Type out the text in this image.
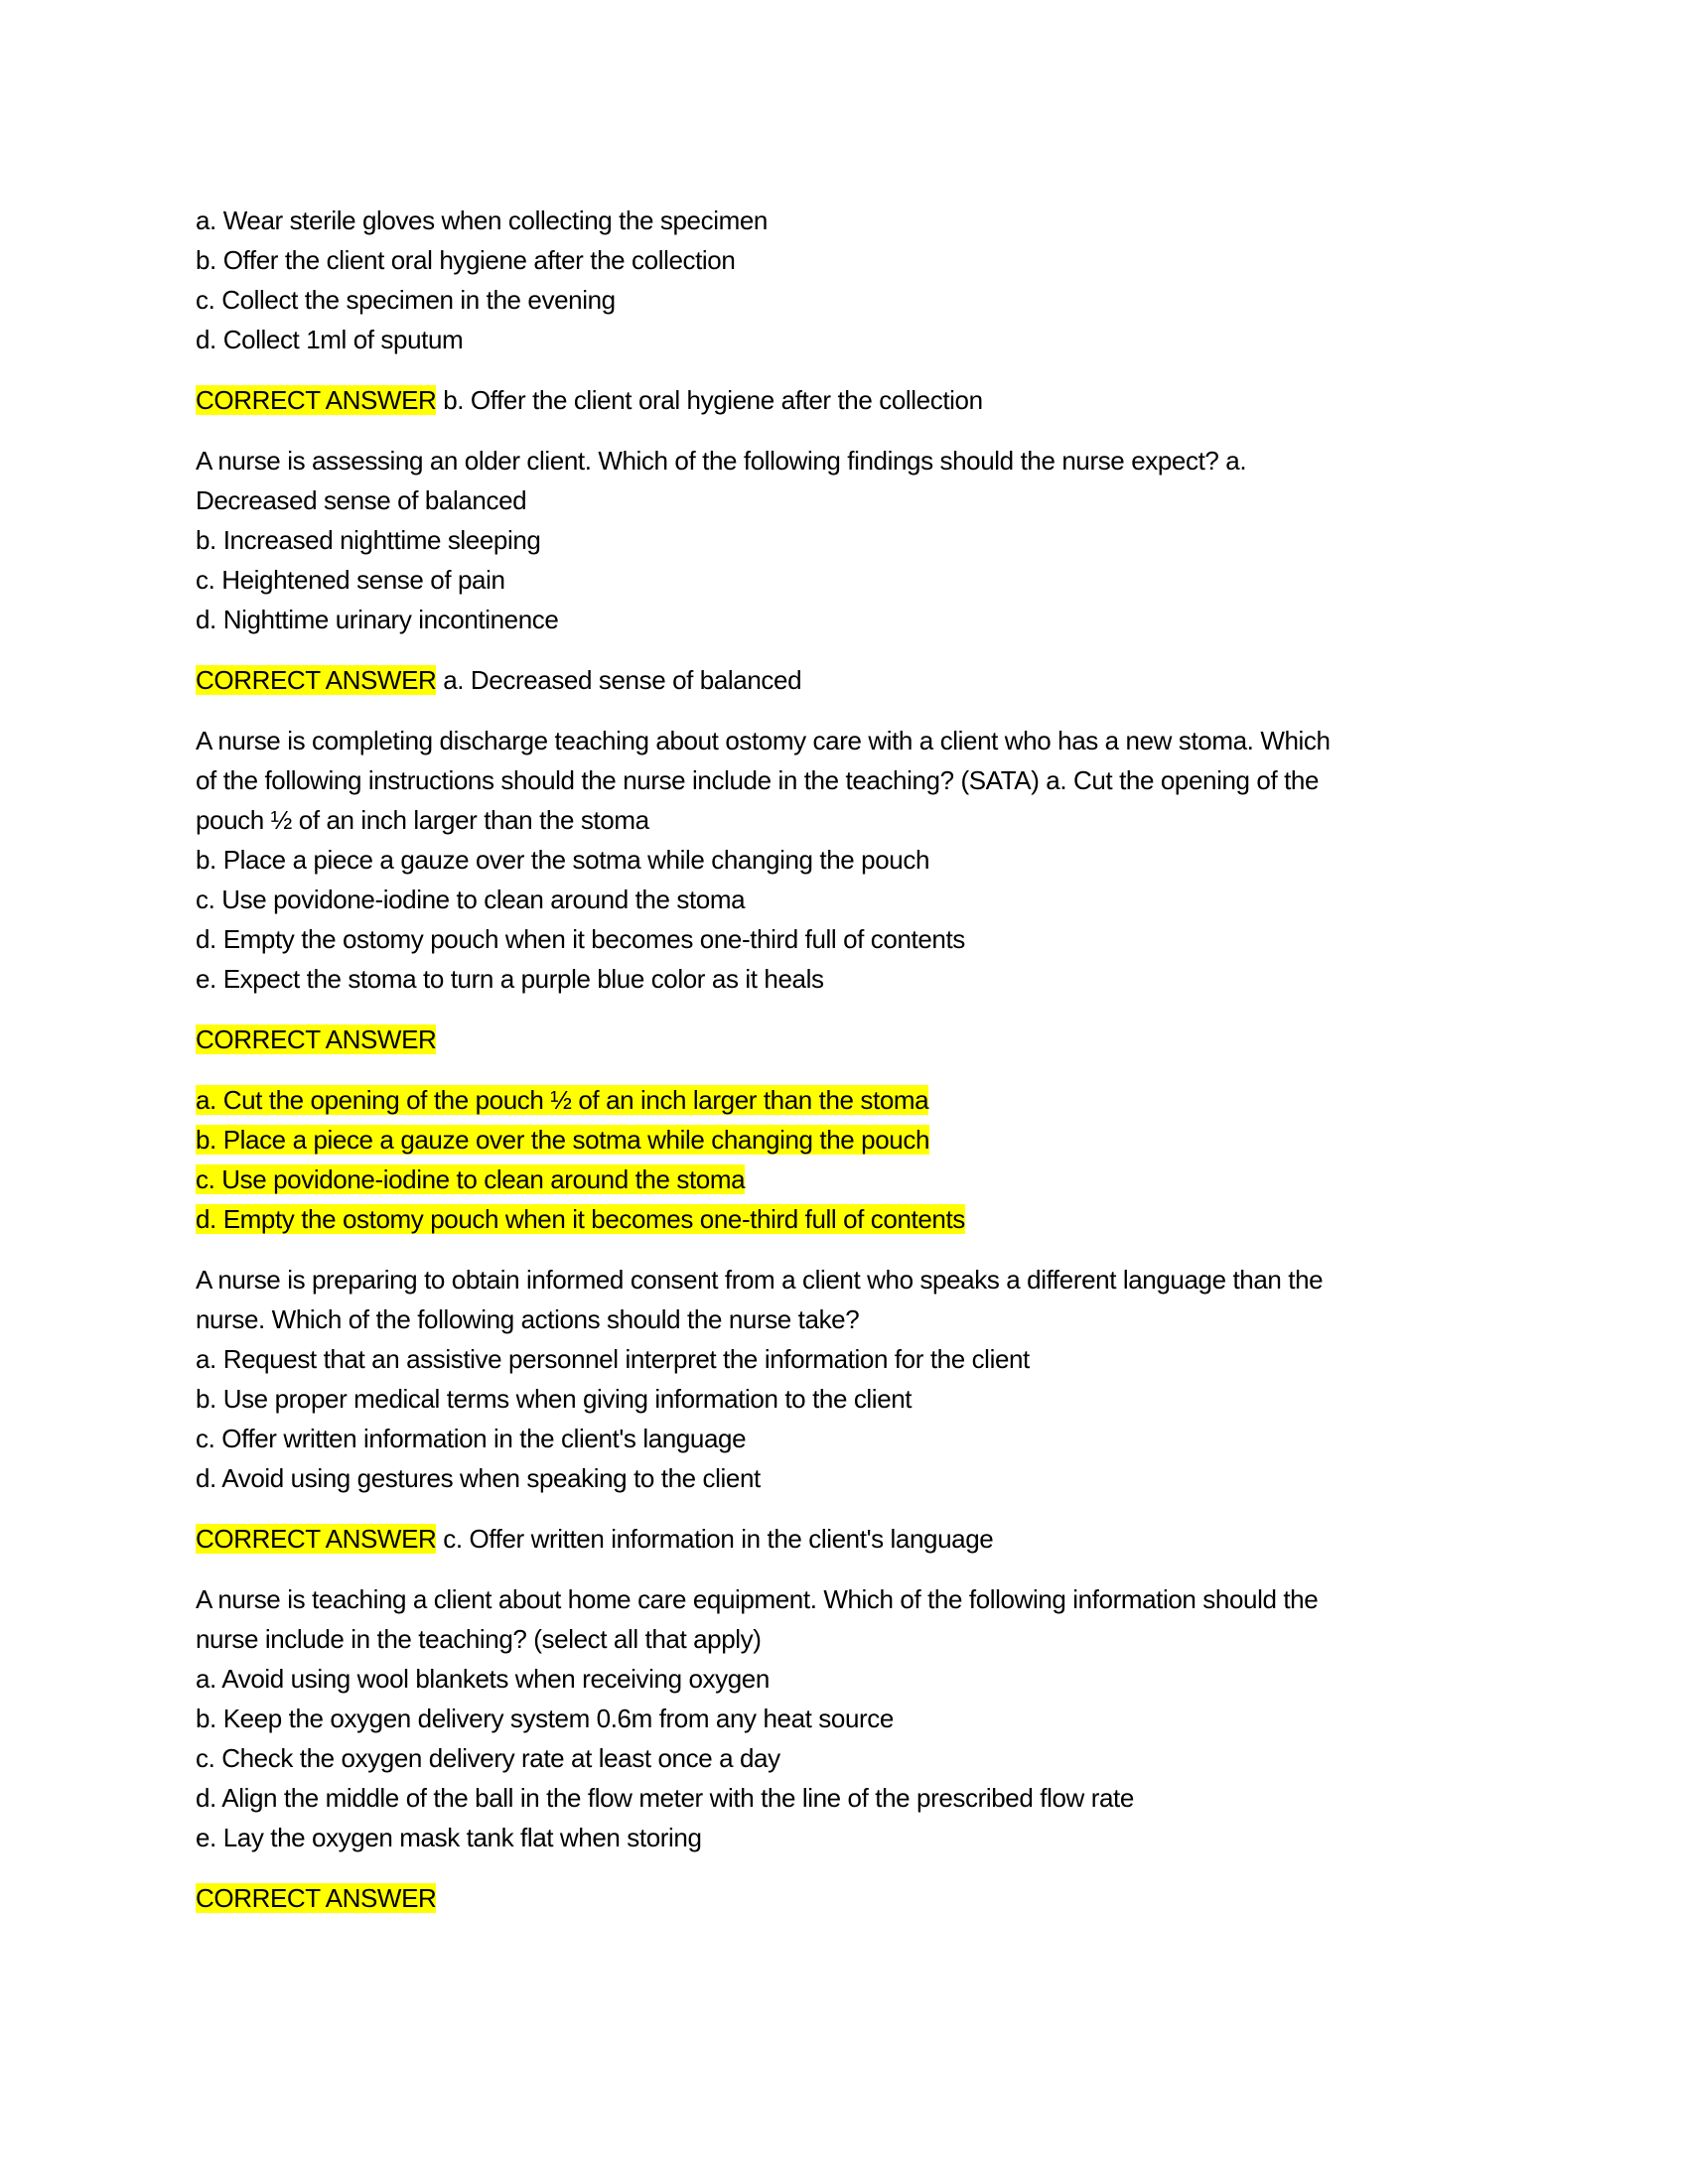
a. Wear sterile gloves when collecting the specimen
b. Offer the client oral hygiene after the collection
c. Collect the specimen in the evening
d. Collect 1ml of sputum
CORRECT ANSWER b. Offer the client oral hygiene after the collection
A nurse is assessing an older client. Which of the following findings should the nurse expect? a.
Decreased sense of balanced
b. Increased nighttime sleeping
c. Heightened sense of pain
d. Nighttime urinary incontinence
CORRECT ANSWER a. Decreased sense of balanced
A nurse is completing discharge teaching about ostomy care with a client who has a new stoma. Which
of the following instructions should the nurse include in the teaching? (SATA) a. Cut the opening of the
pouch ½ of an inch larger than the stoma
b. Place a piece a gauze over the sotma while changing the pouch
c. Use povidone-iodine to clean around the stoma
d. Empty the ostomy pouch when it becomes one-third full of contents
e. Expect the stoma to turn a purple blue color as it heals
CORRECT ANSWER
a. Cut the opening of the pouch ½ of an inch larger than the stoma
b. Place a piece a gauze over the sotma while changing the pouch
c. Use povidone-iodine to clean around the stoma
d. Empty the ostomy pouch when it becomes one-third full of contents
A nurse is preparing to obtain informed consent from a client who speaks a different language than the
nurse. Which of the following actions should the nurse take?
a. Request that an assistive personnel interpret the information for the client
b. Use proper medical terms when giving information to the client
c. Offer written information in the client's language
d. Avoid using gestures when speaking to the client
CORRECT ANSWER c. Offer written information in the client's language
A nurse is teaching a client about home care equipment. Which of the following information should the
nurse include in the teaching? (select all that apply)
a. Avoid using wool blankets when receiving oxygen
b. Keep the oxygen delivery system 0.6m from any heat source
c. Check the oxygen delivery rate at least once a day
d. Align the middle of the ball in the flow meter with the line of the prescribed flow rate
e. Lay the oxygen mask tank flat when storing
CORRECT ANSWER
